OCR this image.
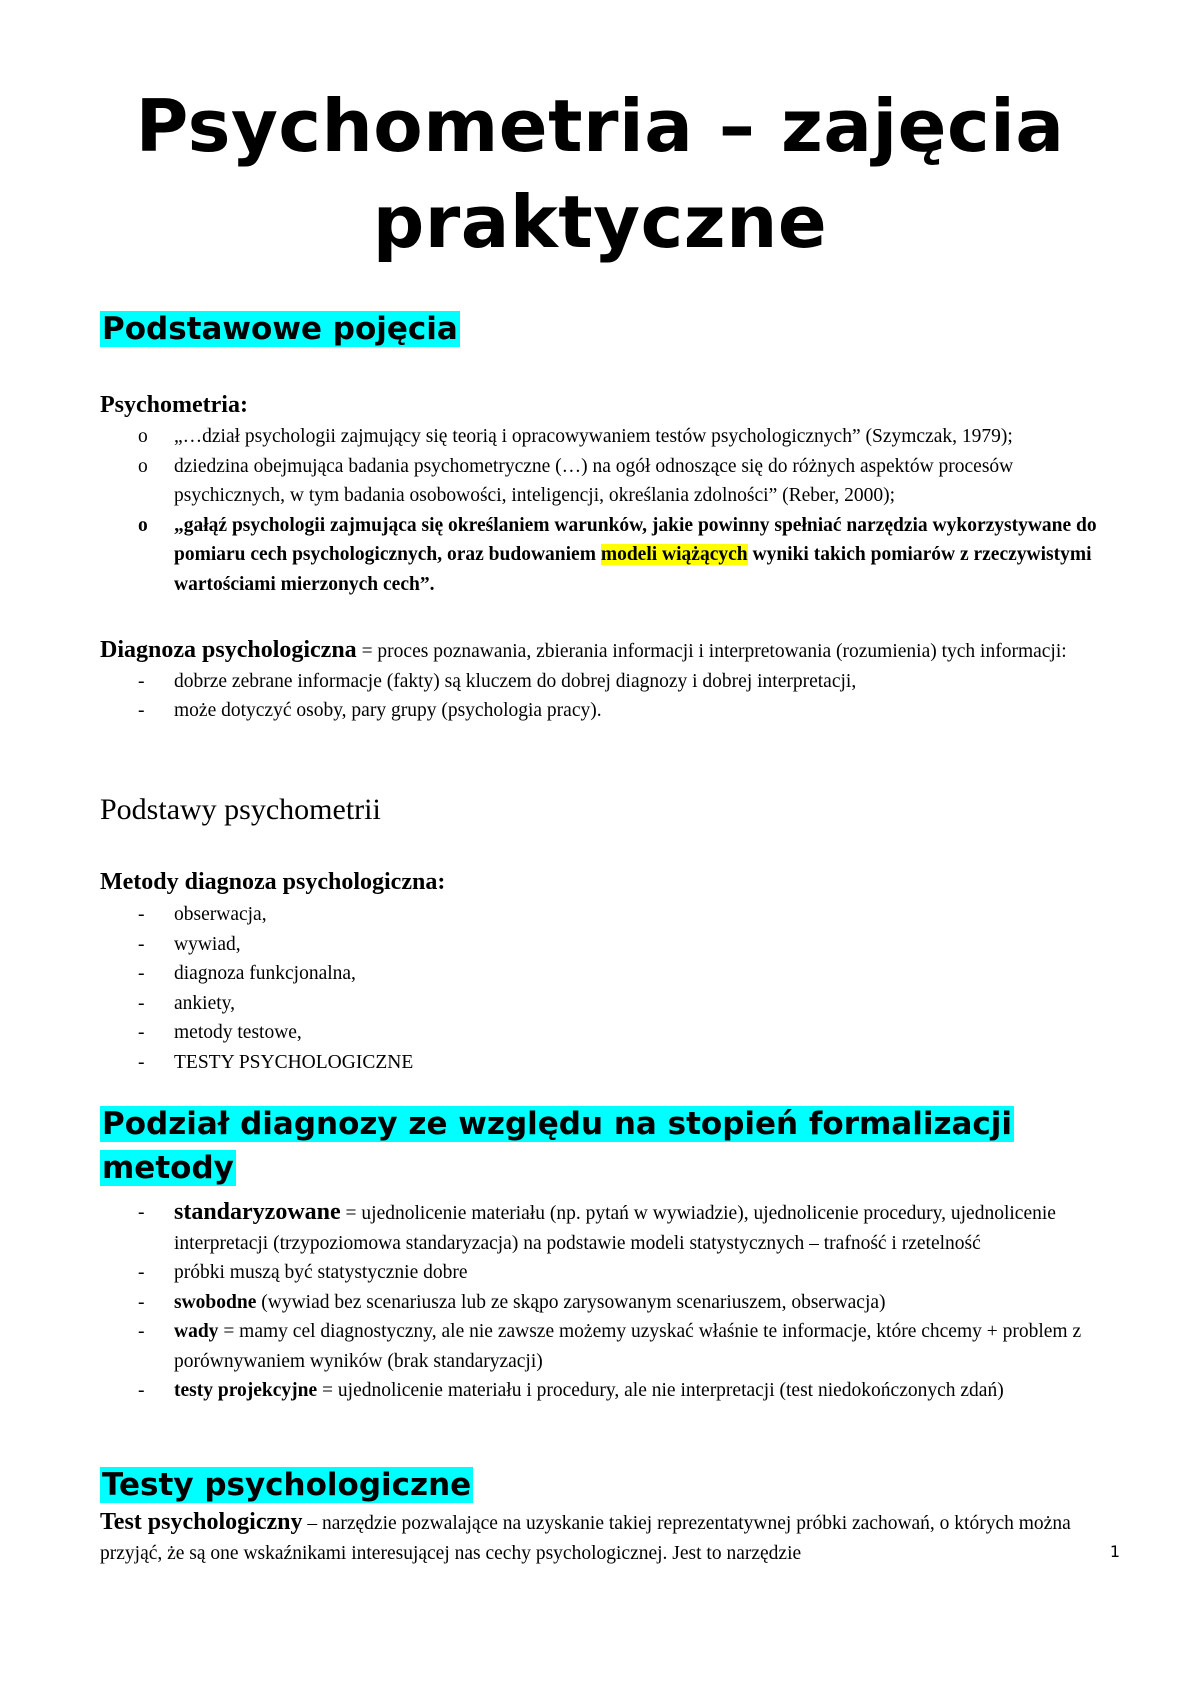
Psychometria – zajęcia praktyczne
Podstawowe pojęcia
Psychometria:
o „…dział psychologii zajmujący się teorią i opracowywaniem testów psychologicznych” (Szymczak, 1979);
o dziedzina obejmująca badania psychometryczne (…) na ogół odnoszące się do różnych aspektów procesów psychicznych, w tym badania osobowości, inteligencji, określania zdolności” (Reber, 2000);
o „gałąź psychologii zajmująca się określaniem warunków, jakie powinny spełniać narzędzia wykorzystywane do pomiaru cech psychologicznych, oraz budowaniem modeli wiążących wyniki takich pomiarów z rzeczywistymi wartościami mierzonych cech”.
Diagnoza psychologiczna = proces poznawania, zbierania informacji i interpretowania (rozumienia) tych informacji:
- dobrze zebrane informacje (fakty) są kluczem do dobrej diagnozy i dobrej interpretacji,
- może dotyczyć osoby, pary grupy (psychologia pracy).
Podstawy psychometrii
Metody diagnoza psychologiczna:
- obserwacja,
- wywiad,
- diagnoza funkcjonalna,
- ankiety,
- metody testowe,
- TESTY PSYCHOLOGICZNE
Podział diagnozy ze względu na stopień formalizacji
metody
- standaryzowane = ujednolicenie materiału (np. pytań w wywiadzie), ujednolicenie procedury, ujednolicenie interpretacji (trzypoziomowa standaryzacja) na podstawie modeli statystycznych – trafność i rzetelność
- próbki muszą być statystycznie dobre
- swobodne (wywiad bez scenariusza lub ze skąpo zarysowanym scenariuszem, obserwacja)
- wady = mamy cel diagnostyczny, ale nie zawsze możemy uzyskać właśnie te informacje, które chcemy + problem z porównywaniem wyników (brak standaryzacji)
- testy projekcyjne = ujednolicenie materiału i procedury, ale nie interpretacji (test niedokończonych zdań)
Testy psychologiczne
Test psychologiczny – narzędzie pozwalające na uzyskanie takiej reprezentatywnej próbki zachowań, o których można przyjąć, że są one wskaźnikami interesującej nas cechy psychologicznej. Jest to narzędzie	1
